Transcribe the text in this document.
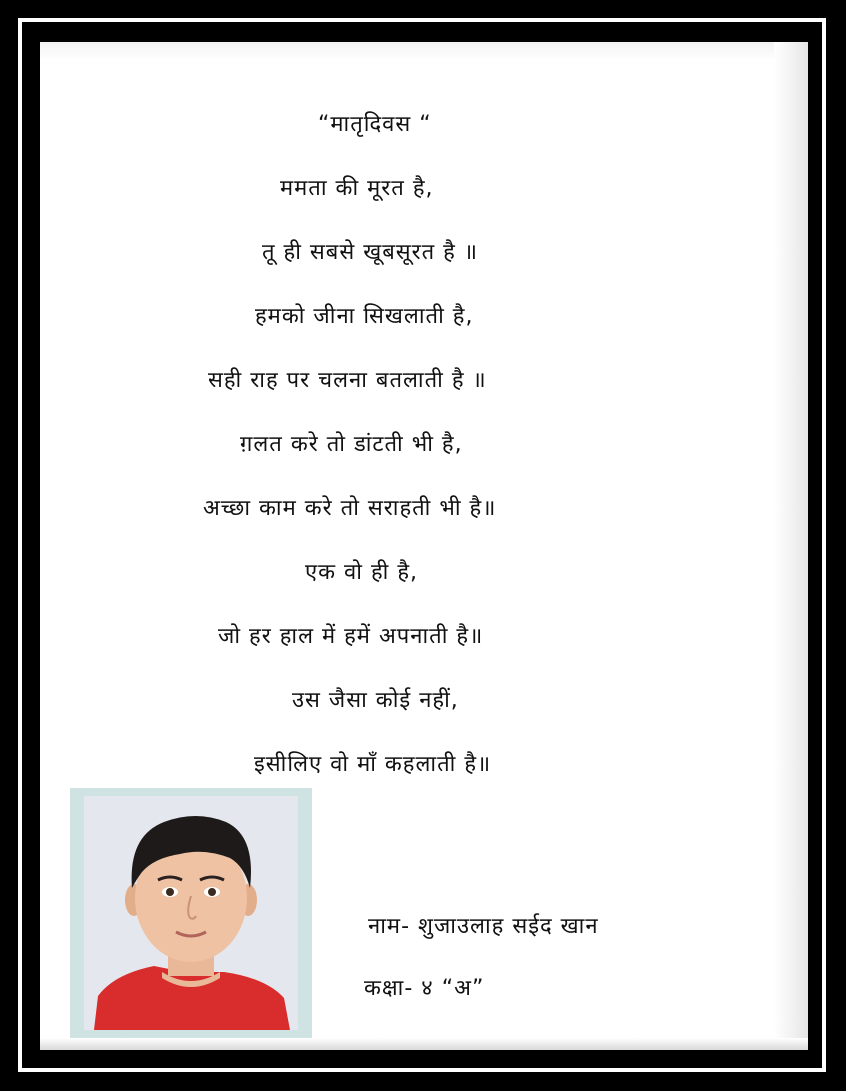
“मातृदिवस “
ममता की मूरत है,
तू ही सबसे खूबसूरत है ॥
हमको जीना सिखलाती है,
सही राह पर चलना बतलाती है ॥
ग़लत करे तो डांटती भी है,
अच्छा काम करे तो सराहती भी है॥
एक वो ही है,
जो हर हाल में हमें अपनाती है॥
उस जैसा कोई नहीं,
इसीलिए वो माँ कहलाती है॥
नाम- शुजाउलाह सईद खान
कक्षा- ४ “अ”
